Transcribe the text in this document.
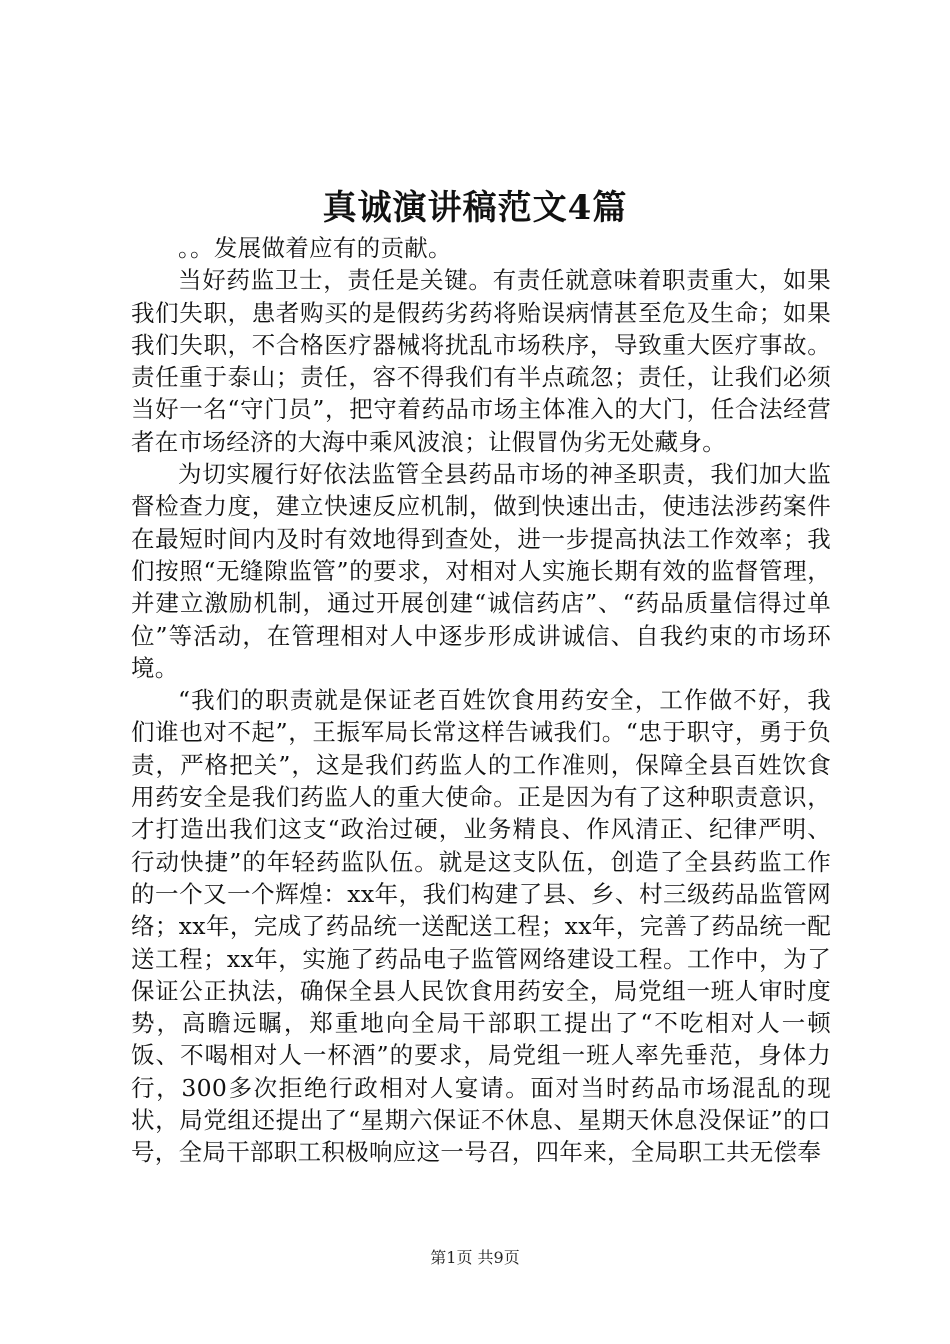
真诚演讲稿范文4篇

。。发展做着应有的贡献。

当好药监卫士，责任是关键。有责任就意味着职责重大，如果我们失职，患者购买的是假药劣药将贻误病情甚至危及生命；如果我们失职，不合格医疗器械将扰乱市场秩序，导致重大医疗事故。责任重于泰山；责任，容不得我们有半点疏忽；责任，让我们必须当好一名“守门员”，把守着药品市场主体准入的大门，任合法经营者在市场经济的大海中乘风波浪；让假冒伪劣无处藏身。

为切实履行好依法监管全县药品市场的神圣职责，我们加大监督检查力度，建立快速反应机制，做到快速出击，使违法涉药案件在最短时间内及时有效地得到查处，进一步提高执法工作效率；我们按照“无缝隙监管”的要求，对相对人实施长期有效的监督管理，并建立激励机制，通过开展创建“诚信药店”、“药品质量信得过单位”等活动，在管理相对人中逐步形成讲诚信、自我约束的市场环境。

“我们的职责就是保证老百姓饮食用药安全，工作做不好，我们谁也对不起”，王振军局长常这样告诫我们。“忠于职守，勇于负责，严格把关”，这是我们药监人的工作准则，保障全县百姓饮食用药安全是我们药监人的重大使命。正是因为有了这种职责意识，才打造出我们这支“政治过硬，业务精良、作风清正、纪律严明、行动快捷”的年轻药监队伍。就是这支队伍，创造了全县药监工作的一个又一个辉煌：xx年，我们构建了县、乡、村三级药品监管网络；xx年，完成了药品统一送配送工程；xx年，完善了药品统一配送工程；xx年，实施了药品电子监管网络建设工程。工作中，为了保证公正执法，确保全县人民饮食用药安全，局党组一班人审时度势，高瞻远瞩，郑重地向全局干部职工提出了“不吃相对人一顿饭、不喝相对人一杯酒”的要求，局党组一班人率先垂范，身体力行，300多次拒绝行政相对人宴请。面对当时药品市场混乱的现状，局党组还提出了“星期六保证不休息、星期天休息没保证”的口号，全局干部职工积极响应这一号召，四年来，全局职工共无偿奉

第1页 共9页
